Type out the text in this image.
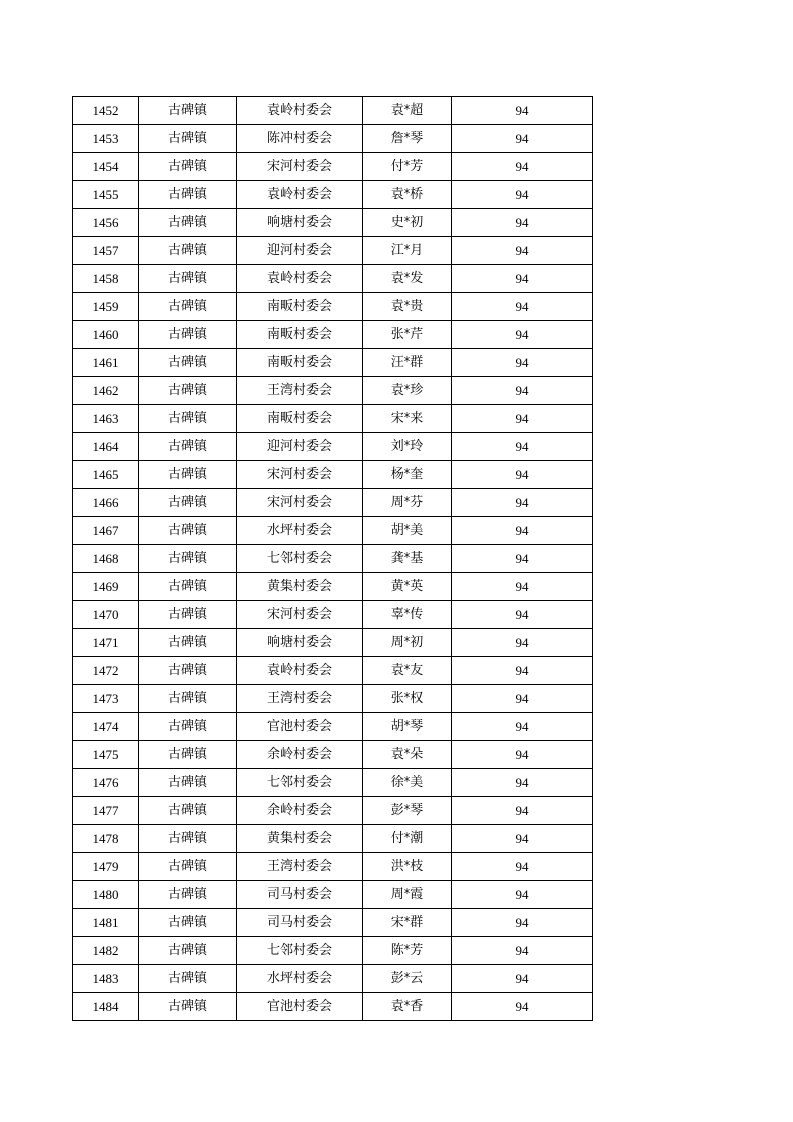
1452	古碑镇	袁岭村委会	袁*超	94
1453	古碑镇	陈冲村委会	詹*琴	94
1454	古碑镇	宋河村委会	付*芳	94
1455	古碑镇	袁岭村委会	袁*桥	94
1456	古碑镇	响塘村委会	史*初	94
1457	古碑镇	迎河村委会	江*月	94
1458	古碑镇	袁岭村委会	袁*发	94
1459	古碑镇	南畈村委会	袁*贵	94
1460	古碑镇	南畈村委会	张*芹	94
1461	古碑镇	南畈村委会	汪*群	94
1462	古碑镇	王湾村委会	袁*珍	94
1463	古碑镇	南畈村委会	宋*来	94
1464	古碑镇	迎河村委会	刘*玲	94
1465	古碑镇	宋河村委会	杨*奎	94
1466	古碑镇	宋河村委会	周*芬	94
1467	古碑镇	水坪村委会	胡*美	94
1468	古碑镇	七邻村委会	龚*基	94
1469	古碑镇	黄集村委会	黄*英	94
1470	古碑镇	宋河村委会	辜*传	94
1471	古碑镇	响塘村委会	周*初	94
1472	古碑镇	袁岭村委会	袁*友	94
1473	古碑镇	王湾村委会	张*权	94
1474	古碑镇	官池村委会	胡*琴	94
1475	古碑镇	余岭村委会	袁*朵	94
1476	古碑镇	七邻村委会	徐*美	94
1477	古碑镇	余岭村委会	彭*琴	94
1478	古碑镇	黄集村委会	付*潮	94
1479	古碑镇	王湾村委会	洪*枝	94
1480	古碑镇	司马村委会	周*霞	94
1481	古碑镇	司马村委会	宋*群	94
1482	古碑镇	七邻村委会	陈*芳	94
1483	古碑镇	水坪村委会	彭*云	94
1484	古碑镇	官池村委会	袁*香	94
